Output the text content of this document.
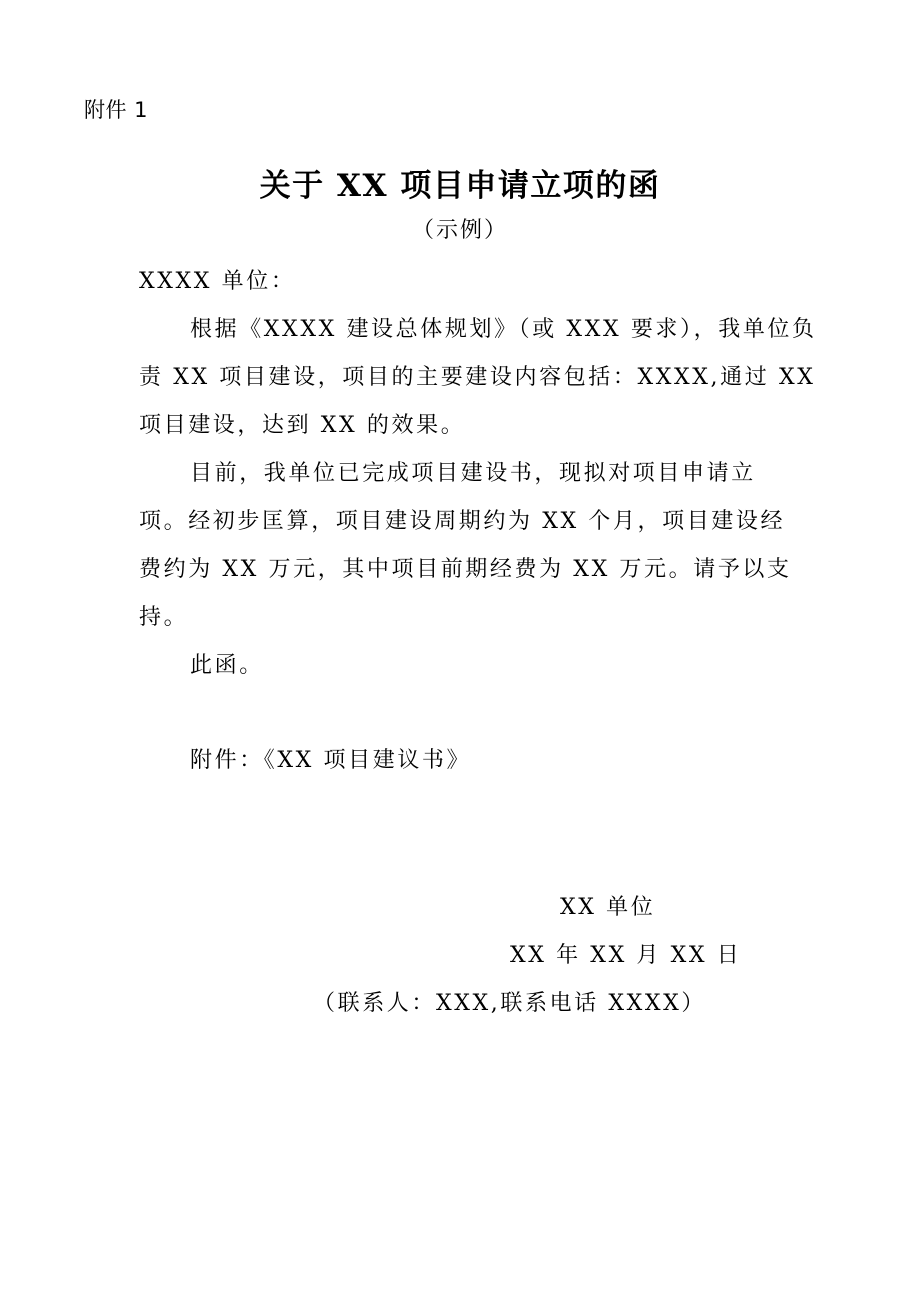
附件 1
关于 XX 项目申请立项的函
（示例）
XXXX 单位：
根据《XXXX 建设总体规划》（或 XXX 要求），我单位负
责 XX 项目建设，项目的主要建设内容包括：XXXX,通过 XX
项目建设，达到 XX 的效果。
目前，我单位已完成项目建设书，现拟对项目申请立
项。经初步匡算，项目建设周期约为 XX 个月，项目建设经
费约为 XX 万元，其中项目前期经费为 XX 万元。请予以支
持。
此函。
附件：《XX 项目建议书》
XX 单位
XX 年 XX 月 XX 日
（联系人：XXX,联系电话 XXXX）
